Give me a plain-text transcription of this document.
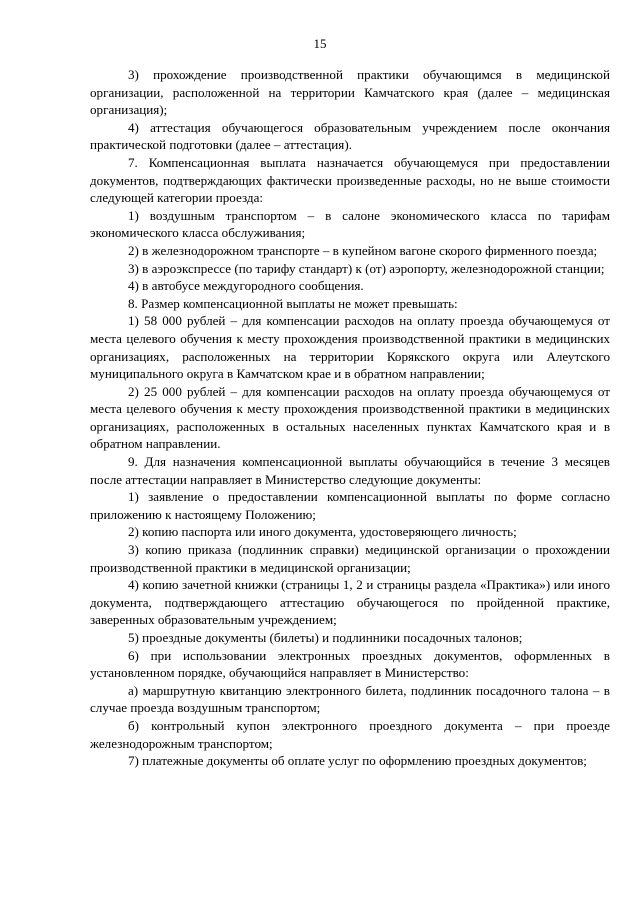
15

3) прохождение производственной практики обучающимся в медицинской организации, расположенной на территории Камчатского края (далее – медицинская организация);

4) аттестация обучающегося образовательным учреждением после окончания практической подготовки (далее – аттестация).

7. Компенсационная выплата назначается обучающемуся при предоставлении документов, подтверждающих фактически произведенные расходы, но не выше стоимости следующей категории проезда:

1) воздушным транспортом – в салоне экономического класса по тарифам экономического класса обслуживания;

2) в железнодорожном транспорте – в купейном вагоне скорого фирменного поезда;

3) в аэроэкспрессе (по тарифу стандарт) к (от) аэропорту, железнодорожной станции;

4) в автобусе междугородного сообщения.

8. Размер компенсационной выплаты не может превышать:

1) 58 000 рублей – для компенсации расходов на оплату проезда обучающемуся от места целевого обучения к месту прохождения производственной практики в медицинских организациях, расположенных на территории Корякского округа или Алеутского муниципального округа в Камчатском крае и в обратном направлении;

2) 25 000 рублей – для компенсации расходов на оплату проезда обучающемуся от места целевого обучения к месту прохождения производственной практики в медицинских организациях, расположенных в остальных населенных пунктах Камчатского края и в обратном направлении.

9. Для назначения компенсационной выплаты обучающийся в течение 3 месяцев после аттестации направляет в Министерство следующие документы:

1) заявление о предоставлении компенсационной выплаты по форме согласно приложению к настоящему Положению;

2) копию паспорта или иного документа, удостоверяющего личность;

3) копию приказа (подлинник справки) медицинской организации о прохождении производственной практики в медицинской организации;

4) копию зачетной книжки (страницы 1, 2 и страницы раздела «Практика») или иного документа, подтверждающего аттестацию обучающегося по пройденной практике, заверенных образовательным учреждением;

5) проездные документы (билеты) и подлинники посадочных талонов;

6) при использовании электронных проездных документов, оформленных в установленном порядке, обучающийся направляет в Министерство:

а) маршрутную квитанцию электронного билета, подлинник посадочного талона – в случае проезда воздушным транспортом;

б) контрольный купон электронного проездного документа – при проезде железнодорожным транспортом;

7) платежные документы об оплате услуг по оформлению проездных документов;
